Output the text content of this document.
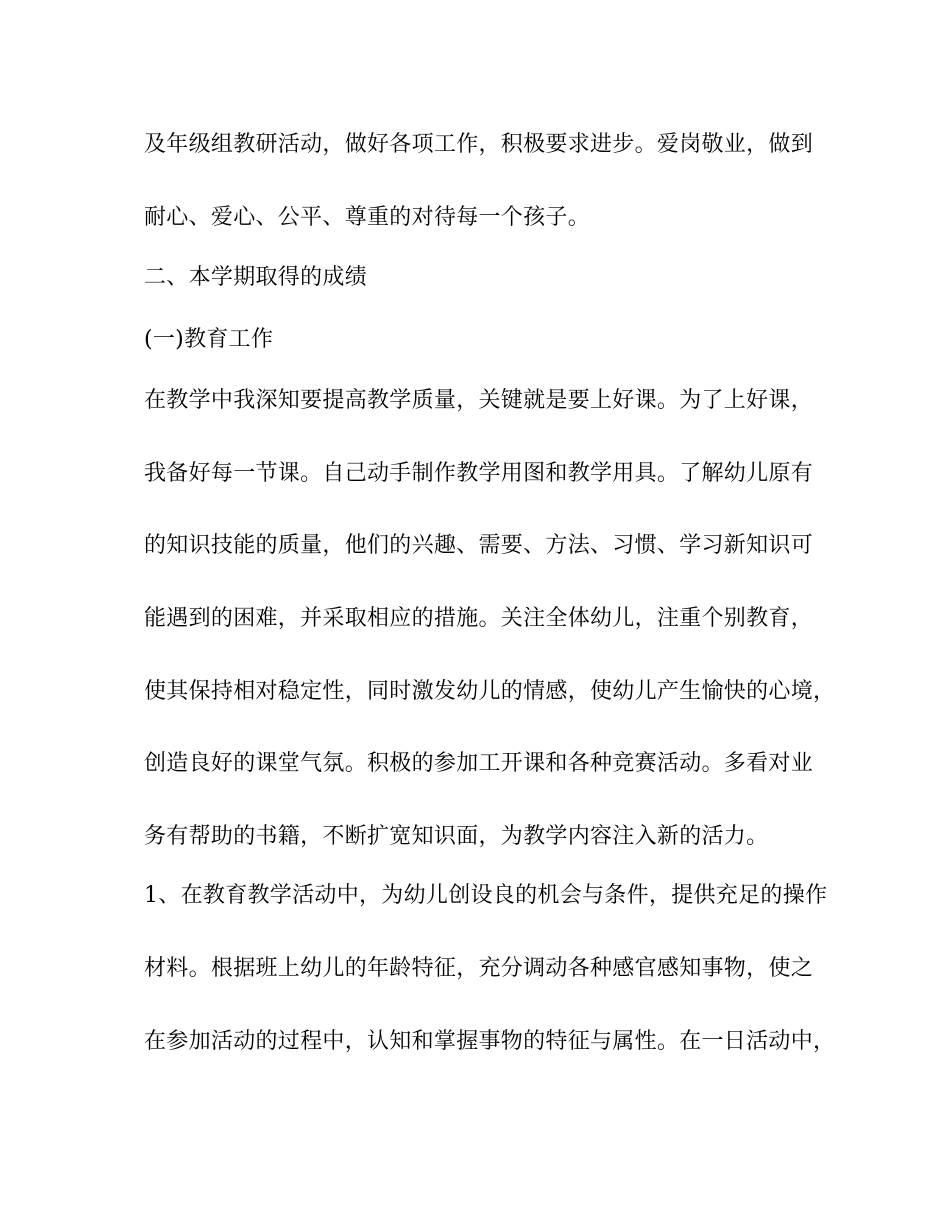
及年级组教研活动，做好各项工作，积极要求进步。爱岗敬业，做到
耐心、爱心、公平、尊重的对待每一个孩子。
二、本学期取得的成绩
(一)教育工作
在教学中我深知要提高教学质量，关键就是要上好课。为了上好课，
我备好每一节课。自己动手制作教学用图和教学用具。了解幼儿原有
的知识技能的质量，他们的兴趣、需要、方法、习惯、学习新知识可
能遇到的困难，并采取相应的措施。关注全体幼儿，注重个别教育，
使其保持相对稳定性，同时激发幼儿的情感，使幼儿产生愉快的心境，
创造良好的课堂气氛。积极的参加工开课和各种竞赛活动。多看对业
务有帮助的书籍，不断扩宽知识面，为教学内容注入新的活力。
1、在教育教学活动中，为幼儿创设良的机会与条件，提供充足的操作
材料。根据班上幼儿的年龄特征，充分调动各种感官感知事物，使之
在参加活动的过程中，认知和掌握事物的特征与属性。在一日活动中，
